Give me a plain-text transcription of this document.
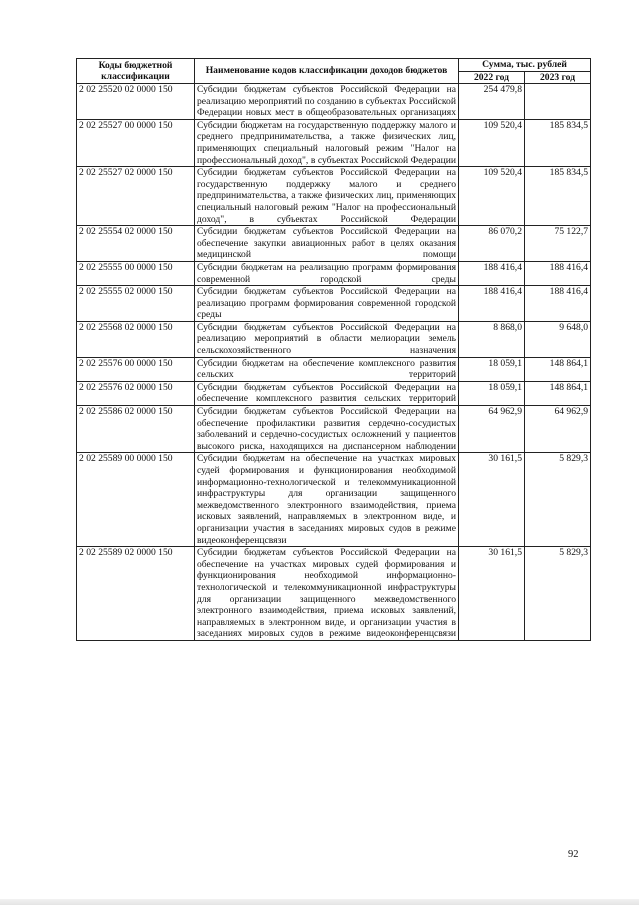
Коды бюджетной классификации	Наименование кодов классификации доходов бюджетов	Сумма, тыс. рублей	
		2022 год	2023 год
2 02 25520 02 0000 150	Субсидии бюджетам субъектов Российской Федерации на реализацию мероприятий по созданию в субъектах Российской Федерации новых мест в общеобразовательных организациях	254 479,8	
2 02 25527 00 0000 150	Субсидии бюджетам на государственную поддержку малого и среднего предпринимательства, а также физических лиц, применяющих специальный налоговый режим "Налог на профессиональный доход", в субъектах Российской Федерации	109 520,4	185 834,5
2 02 25527 02 0000 150	Субсидии бюджетам субъектов Российской Федерации на государственную поддержку малого и среднего предпринимательства, а также физических лиц, применяющих специальный налоговый режим "Налог на профессиональный доход", в субъектах Российской Федерации	109 520,4	185 834,5
2 02 25554 02 0000 150	Субсидии бюджетам субъектов Российской Федерации на обеспечение закупки авиационных работ в целях оказания медицинской помощи	86 070,2	75 122,7
2 02 25555 00 0000 150	Субсидии бюджетам на реализацию программ формирования современной городской среды	188 416,4	188 416,4
2 02 25555 02 0000 150	Субсидии бюджетам субъектов Российской Федерации на реализацию программ формирования современной городской среды	188 416,4	188 416,4
2 02 25568 02 0000 150	Субсидии бюджетам субъектов Российской Федерации на реализацию мероприятий в области мелиорации земель сельскохозяйственного назначения	8 868,0	9 648,0
2 02 25576 00 0000 150	Субсидии бюджетам на обеспечение комплексного развития сельских территорий	18 059,1	148 864,1
2 02 25576 02 0000 150	Субсидии бюджетам субъектов Российской Федерации на обеспечение комплексного развития сельских территорий	18 059,1	148 864,1
2 02 25586 02 0000 150	Субсидии бюджетам субъектов Российской Федерации на обеспечение профилактики развития сердечно-сосудистых заболеваний и сердечно-сосудистых осложнений у пациентов высокого риска, находящихся на диспансерном наблюдении	64 962,9	64 962,9
2 02 25589 00 0000 150	Субсидии бюджетам на обеспечение на участках мировых судей формирования и функционирования необходимой информационно-технологической и телекоммуникационной инфраструктуры для организации защищенного межведомственного электронного взаимодействия, приема исковых заявлений, направляемых в электронном виде, и организации участия в заседаниях мировых судов в режиме видеоконференцсвязи	30 161,5	5 829,3
2 02 25589 02 0000 150	Субсидии бюджетам субъектов Российской Федерации на обеспечение на участках мировых судей формирования и функционирования необходимой информационно-технологической и телекоммуникационной инфраструктуры для организации защищенного межведомственного электронного взаимодействия, приема исковых заявлений, направляемых в электронном виде, и организации участия в заседаниях мировых судов в режиме видеоконференцсвязи	30 161,5	5 829,3
92
